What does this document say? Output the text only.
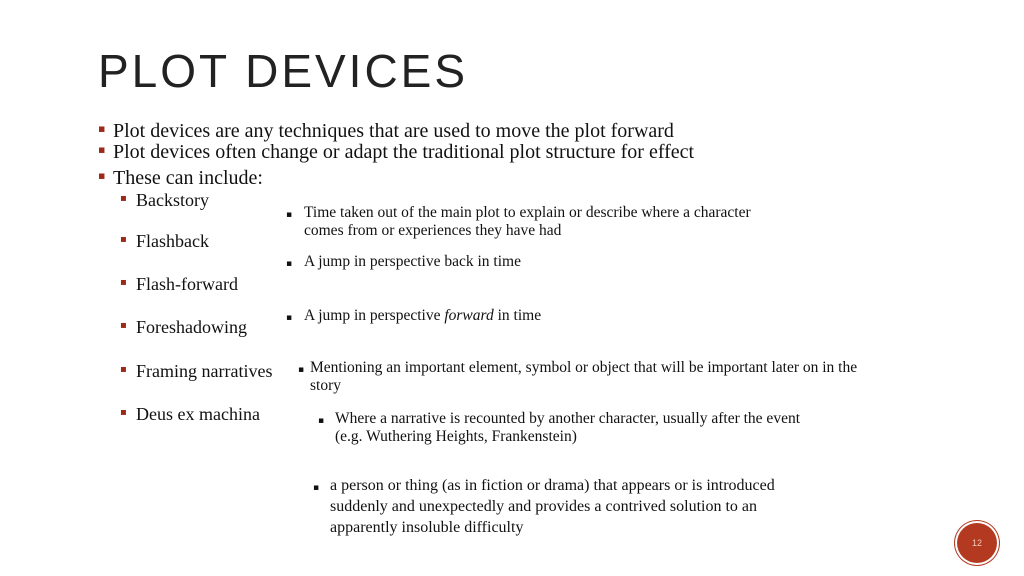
PLOT DEVICES
▪ Plot devices are any techniques that are used to move the plot forward
▪ Plot devices often change or adapt the traditional plot structure for effect
▪ These can include:
▪ Backstory
▪ Flashback
▪ Flash-forward
▪ Foreshadowing
▪ Framing narratives
▪ Deus ex machina
▪ Time taken out of the main plot to explain or describe where a character
comes from or experiences they have had
▪ A jump in perspective back in time
▪ A jump in perspective forward in time
▪ Mentioning an important element, symbol or object that will be important later on in the
story
▪ Where a narrative is recounted by another character, usually after the event
(e.g. Wuthering Heights, Frankenstein)
▪ a person or thing (as in fiction or drama) that appears or is introduced
suddenly and unexpectedly and provides a contrived solution to an
apparently insoluble difficulty
12
